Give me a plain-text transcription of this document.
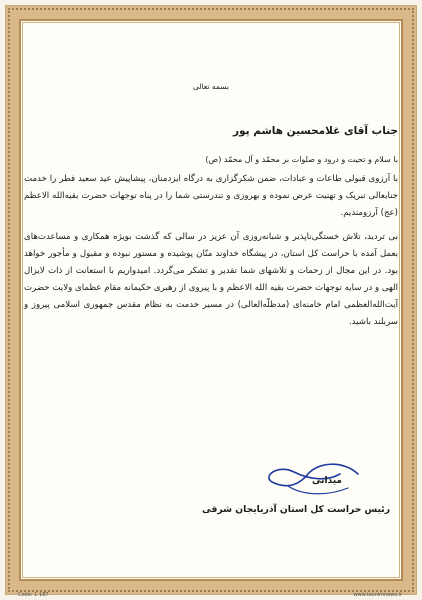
بسمه تعالی
جناب آقای غلامحسین هاشم پور
با سلام و تحیت و درود و صلوات بر محمّد و آل محمّد (ص)

با آرزوی قبولی طاعات و عبادات، ضمن شکرگزاری به درگاه ایزدمنان، پیشاپیش عید سعید فطر را خدمت جنابعالی تبریک و تهنیت عرض نموده و بهروزی و تندرستی شما را در پناه توجهات حضرت بقیه‌الله الاعظم (عج) آرزومندیم.

بی تردید، تلاش خستگی‌ناپذیر و شبانه‌روزی آن عزیز در سالی که گذشت بویژه همکاری و مساعدت‌های بعمل آمده با حراست کل استان، در پیشگاه خداوند منّان پوشیده و مستور نبوده و مقبول و مأجور خواهد بود. در این مجال از زحمات و تلاشهای شما تقدیر و تشکر می‌گردد. امیدواریم با استعانت از ذات لایزال الهی و در سایه توجهات حضرت بقیه الله الاعظم و با پیروی از رهبری حکیمانه مقام عظمای ولایت حضرت آیت‌الله‌العظمی امام خامنه‌ای (مدظلّه‌العالی) در مسیر خدمت به نظام مقدس جمهوری اسلامی پیروز و سربلند باشید.

میدانی
رئیس حراست کل استان آذربایجان شرقی
Code: 1-187	www.tasnimnews.ir
